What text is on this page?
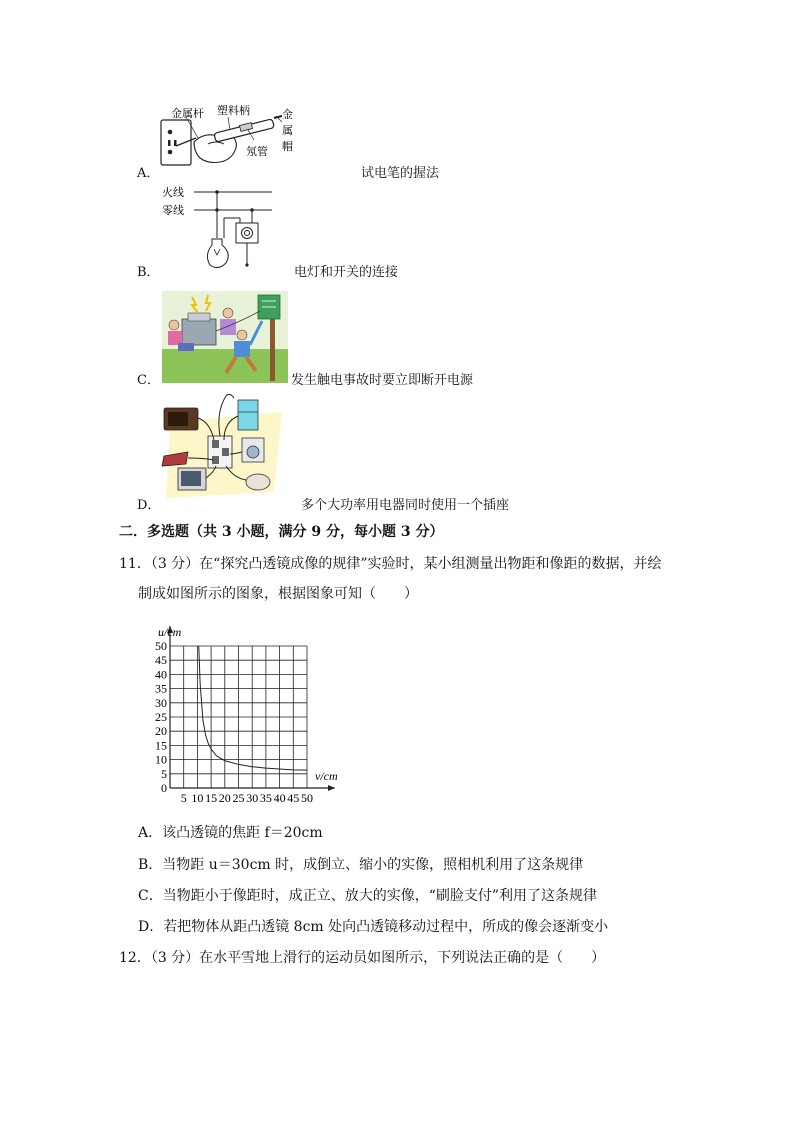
A．
金属杆 塑料柄	金
属
帽
氖管
试电笔的握法
B．
火线
零线
电灯和开关的连接
C．	发生触电事故时要立即断开电源
D．	多个大功率用电器同时使用一个插座
二．多选题（共 3 小题，满分 9 分，每小题 3 分）
11．（3 分）在“探究凸透镜成像的规律”实验时，某小组测量出物距和像距的数据，并绘
制成如图所示的图象，根据图象可知（　　）
5 10 15 20 25 30 35 40 45 50
0
5
10
15
20
25
30
35
40
45
50
u/cm
v/cm
A．该凸透镜的焦距 f＝20cm
B．当物距 u＝30cm 时，成倒立、缩小的实像，照相机利用了这条规律
C．当物距小于像距时，成正立、放大的实像，“刷脸支付”利用了这条规律
D．若把物体从距凸透镜 8cm 处向凸透镜移动过程中，所成的像会逐渐变小
12．（3 分）在水平雪地上滑行的运动员如图所示，下列说法正确的是（　　）
